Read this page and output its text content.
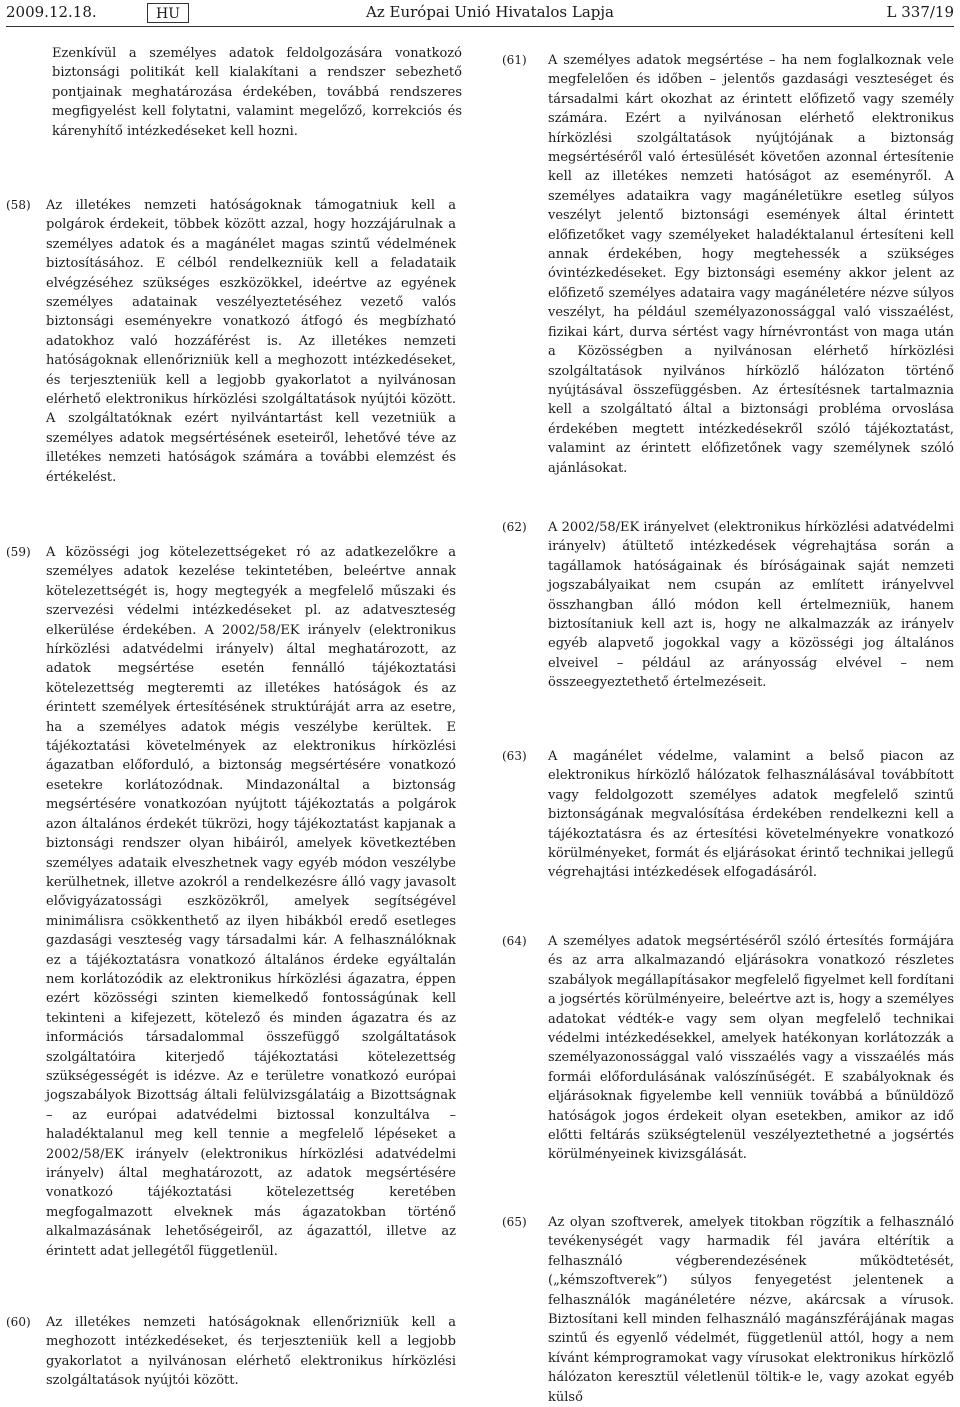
2009.12.18.	HU	Az Európai Unió Hivatalos Lapja	L 337/19
Ezenkívül a személyes adatok feldolgozására vonatkozó biztonsági politikát kell kialakítani a rendszer sebezhető pontjainak meghatározása érdekében, továbbá rendszeres megfigyelést kell folytatni, valamint megelőző, korrekciós és kárenyhítő intézkedéseket kell hozni.
(58) Az illetékes nemzeti hatóságoknak támogatniuk kell a polgárok érdekeit, többek között azzal, hogy hozzájárulnak a személyes adatok és a magánélet magas szintű védelmének biztosításához. E célból rendelkezniük kell a feladataik elvégzéséhez szükséges eszközökkel, ideértve az egyének személyes adatainak veszélyeztetéséhez vezető valós biztonsági eseményekre vonatkozó átfogó és megbízható adatokhoz való hozzáférést is. Az illetékes nemzeti hatóságoknak ellenőrizniük kell a meghozott intézkedéseket, és terjeszteniük kell a legjobb gyakorlatot a nyilvánosan elérhető elektronikus hírközlési szolgáltatások nyújtói között. A szolgáltatóknak ezért nyilvántartást kell vezetniük a személyes adatok megsértésének eseteiről, lehetővé téve az illetékes nemzeti hatóságok számára a további elemzést és értékelést.
(59) A közösségi jog kötelezettségeket ró az adatkezelőkre a személyes adatok kezelése tekintetében, beleértve annak kötelezettségét is, hogy megtegyék a megfelelő műszaki és szervezési védelmi intézkedéseket pl. az adatveszteség elkerülése érdekében. A 2002/58/EK irányelv (elektronikus hírközlési adatvédelmi irányelv) által meghatározott, az adatok megsértése esetén fennálló tájékoztatási kötelezettség megteremti az illetékes hatóságok és az érintett személyek értesítésének struktúráját arra az esetre, ha a személyes adatok mégis veszélybe kerültek. E tájékoztatási követelmények az elektronikus hírközlési ágazatban előforduló, a biztonság megsértésére vonatkozó esetekre korlátozódnak. Mindazonáltal a biztonság megsértésére vonatkozóan nyújtott tájékoztatás a polgárok azon általános érdekét tükrözi, hogy tájékoztatást kapjanak a biztonsági rendszer olyan hibáiról, amelyek következtében személyes adataik elveszhetnek vagy egyéb módon veszélybe kerülhetnek, illetve azokról a rendelkezésre álló vagy javasolt elővigyázatossági eszközökről, amelyek segítségével minimálisra csökkenthető az ilyen hibákból eredő esetleges gazdasági veszteség vagy társadalmi kár. A felhasználóknak ez a tájékoztatásra vonatkozó általános érdeke egyáltalán nem korlátozódik az elektronikus hírközlési ágazatra, éppen ezért közösségi szinten kiemelkedő fontosságúnak kell tekinteni a kifejezett, kötelező és minden ágazatra és az információs társadalommal összefüggő szolgáltatások szolgáltatóira kiterjedő tájékoztatási kötelezettség szükségességét is idézve. Az e területre vonatkozó európai jogszabályok Bizottság általi felülvizsgálatáig a Bizottságnak – az európai adatvédelmi biztossal konzultálva – haladéktalanul meg kell tennie a megfelelő lépéseket a 2002/58/EK irányelv (elektronikus hírközlési adatvédelmi irányelv) által meghatározott, az adatok megsértésére vonatkozó tájékoztatási kötelezettség keretében megfogalmazott elveknek más ágazatokban történő alkalmazásának lehetőségeiről, az ágazattól, illetve az érintett adat jellegétől függetlenül.
(60) Az illetékes nemzeti hatóságoknak ellenőrizniük kell a meghozott intézkedéseket, és terjeszteniük kell a legjobb gyakorlatot a nyilvánosan elérhető elektronikus hírközlési szolgáltatások nyújtói között.
(61) A személyes adatok megsértése – ha nem foglalkoznak vele megfelelően és időben – jelentős gazdasági veszteséget és társadalmi kárt okozhat az érintett előfizető vagy személy számára. Ezért a nyilvánosan elérhető elektronikus hírközlési szolgáltatások nyújtójának a biztonság megsértéséről való értesülését követően azonnal értesítenie kell az illetékes nemzeti hatóságot az eseményről. A személyes adataikra vagy magánéletükre esetleg súlyos veszélyt jelentő biztonsági események által érintett előfizetőket vagy személyeket haladéktalanul értesíteni kell annak érdekében, hogy megtehessék a szükséges óvintézkedéseket. Egy biztonsági esemény akkor jelent az előfizető személyes adataira vagy magánéletére nézve súlyos veszélyt, ha például személyazonossággal való visszaélést, fizikai kárt, durva sértést vagy hírnévrontást von maga után a Közösségben a nyilvánosan elérhető hírközlési szolgáltatások nyilvános hírközlő hálózaton történő nyújtásával összefüggésben. Az értesítésnek tartalmaznia kell a szolgáltató által a biztonsági probléma orvoslása érdekében megtett intézkedésekről szóló tájékoztatást, valamint az érintett előfizetőnek vagy személynek szóló ajánlásokat.
(62) A 2002/58/EK irányelvet (elektronikus hírközlési adatvédelmi irányelv) átültető intézkedések végrehajtása során a tagállamok hatóságainak és bíróságainak saját nemzeti jogszabályaikat nem csupán az említett irányelvvel összhangban álló módon kell értelmezniük, hanem biztosítaniuk kell azt is, hogy ne alkalmazzák az irányelv egyéb alapvető jogokkal vagy a közösségi jog általános elveivel – például az arányosság elvével – nem összeegyeztethető értelmezéseit.
(63) A magánélet védelme, valamint a belső piacon az elektronikus hírközlő hálózatok felhasználásával továbbított vagy feldolgozott személyes adatok megfelelő szintű biztonságának megvalósítása érdekében rendelkezni kell a tájékoztatásra és az értesítési követelményekre vonatkozó körülményeket, formát és eljárásokat érintő technikai jellegű végrehajtási intézkedések elfogadásáról.
(64) A személyes adatok megsértéséről szóló értesítés formájára és az arra alkalmazandó eljárásokra vonatkozó részletes szabályok megállapításakor megfelelő figyelmet kell fordítani a jogsértés körülményeire, beleértve azt is, hogy a személyes adatokat védték-e vagy sem olyan megfelelő technikai védelmi intézkedésekkel, amelyek hatékonyan korlátozzák a személyazonossággal való visszaélés vagy a visszaélés más formái előfordulásának valószínűségét. E szabályoknak és eljárásoknak figyelembe kell venniük továbbá a bűnüldöző hatóságok jogos érdekeit olyan esetekben, amikor az idő előtti feltárás szükségtelenül veszélyeztethetné a jogsértés körülményeinek kivizsgálását.
(65) Az olyan szoftverek, amelyek titokban rögzítik a felhasználó tevékenységét vagy harmadik fél javára eltérítik a felhasználó végberendezésének működtetését, („kémszoftverek”) súlyos fenyegetést jelentenek a felhasználók magánéletére nézve, akárcsak a vírusok. Biztosítani kell minden felhasználó magánszférájának magas szintű és egyenlő védelmét, függetlenül attól, hogy a nem kívánt kémprogramokat vagy vírusokat elektronikus hírközlő hálózaton keresztül véletlenül töltik-e le, vagy azokat egyéb külső
